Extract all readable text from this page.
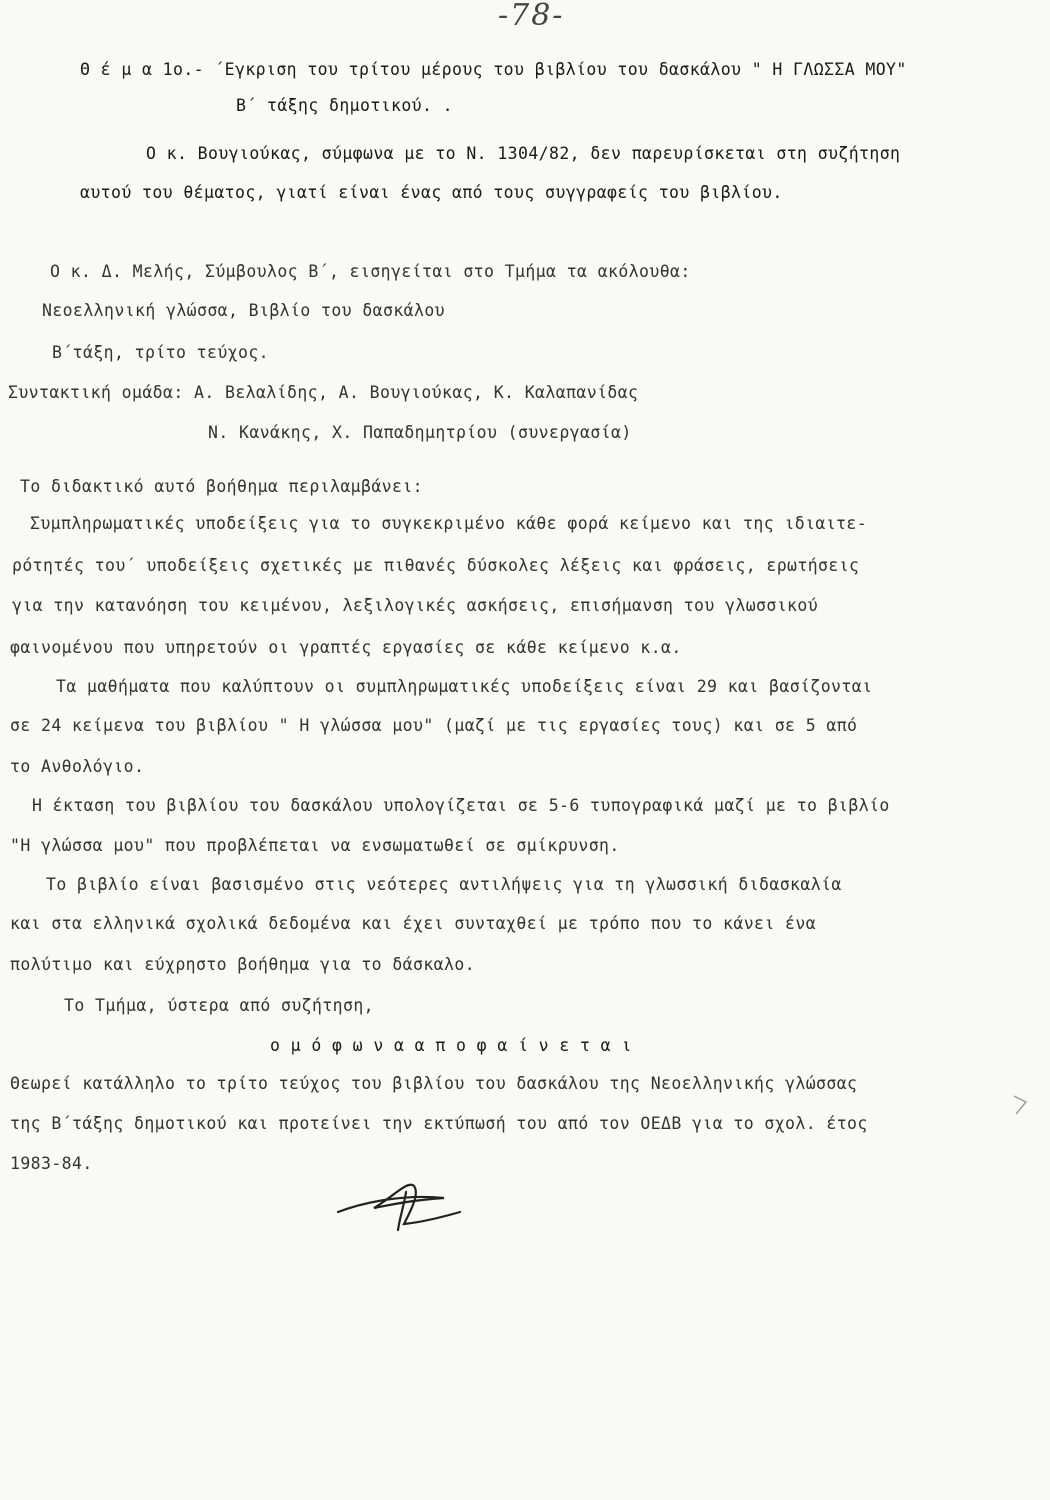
-78-
Θ έ μ α 1ο.- ΄Εγκριση του τρίτου μέρους του βιβλίου του δασκάλου " Η ΓΛΩΣΣΑ ΜΟΥ"
Β΄ τάξης δημοτικού. .
Ο κ. Βουγιούκας, σύμφωνα με το Ν. 1304/82, δεν παρευρίσκεται στη συζήτηση
αυτού του θέματος, γιατί είναι ένας από τους συγγραφείς του βιβλίου.
Ο κ. Δ. Μελής, Σύμβουλος Β΄, εισηγείται στο Τμήμα τα ακόλουθα:
Νεοελληνική γλώσσα, Βιβλίο του δασκάλου
Β΄τάξη, τρίτο τεύχος.
Συντακτική ομάδα: Α. Βελαλίδης, Α. Βουγιούκας, Κ. Καλαπανίδας
Ν. Κανάκης, Χ. Παπαδημητρίου (συνεργασία)
Το διδακτικό αυτό βοήθημα περιλαμβάνει:
Συμπληρωματικές υποδείξεις για το συγκεκριμένο κάθε φορά κείμενο και της ιδιαιτε-
ρότητές του΄ υποδείξεις σχετικές με πιθανές δύσκολες λέξεις και φράσεις, ερωτήσεις
για την κατανόηση του κειμένου, λεξιλογικές ασκήσεις, επισήμανση του γλωσσικού
φαινομένου που υπηρετούν οι γραπτές εργασίες σε κάθε κείμενο κ.α.
Τα μαθήματα που καλύπτουν οι συμπληρωματικές υποδείξεις είναι 29 και βασίζονται
σε 24 κείμενα του βιβλίου " Η γλώσσα μου" (μαζί με τις εργασίες τους) και σε 5 από
το Ανθολόγιο.
Η έκταση του βιβλίου του δασκάλου υπολογίζεται σε 5-6 τυπογραφικά μαζί με το βιβλίο
"Η γλώσσα μου" που προβλέπεται να ενσωματωθεί σε σμίκρυνση.
Το βιβλίο είναι βασισμένο στις νεότερες αντιλήψεις για τη γλωσσική διδασκαλία
και στα ελληνικά σχολικά δεδομένα και έχει συνταχθεί με τρόπο που το κάνει ένα
πολύτιμο και εύχρηστο βοήθημα για το δάσκαλο.
Το Τμήμα, ύστερα από συζήτηση,
ο μ ό φ ω ν α α π ο φ α ί ν ε τ α ι
Θεωρεί κατάλληλο το τρίτο τεύχος του βιβλίου του δασκάλου της Νεοελληνικής γλώσσας
της Β΄τάξης δημοτικού και προτείνει την εκτύπωσή του από τον ΟΕΔΒ για το σχολ. έτος
1983-84.
